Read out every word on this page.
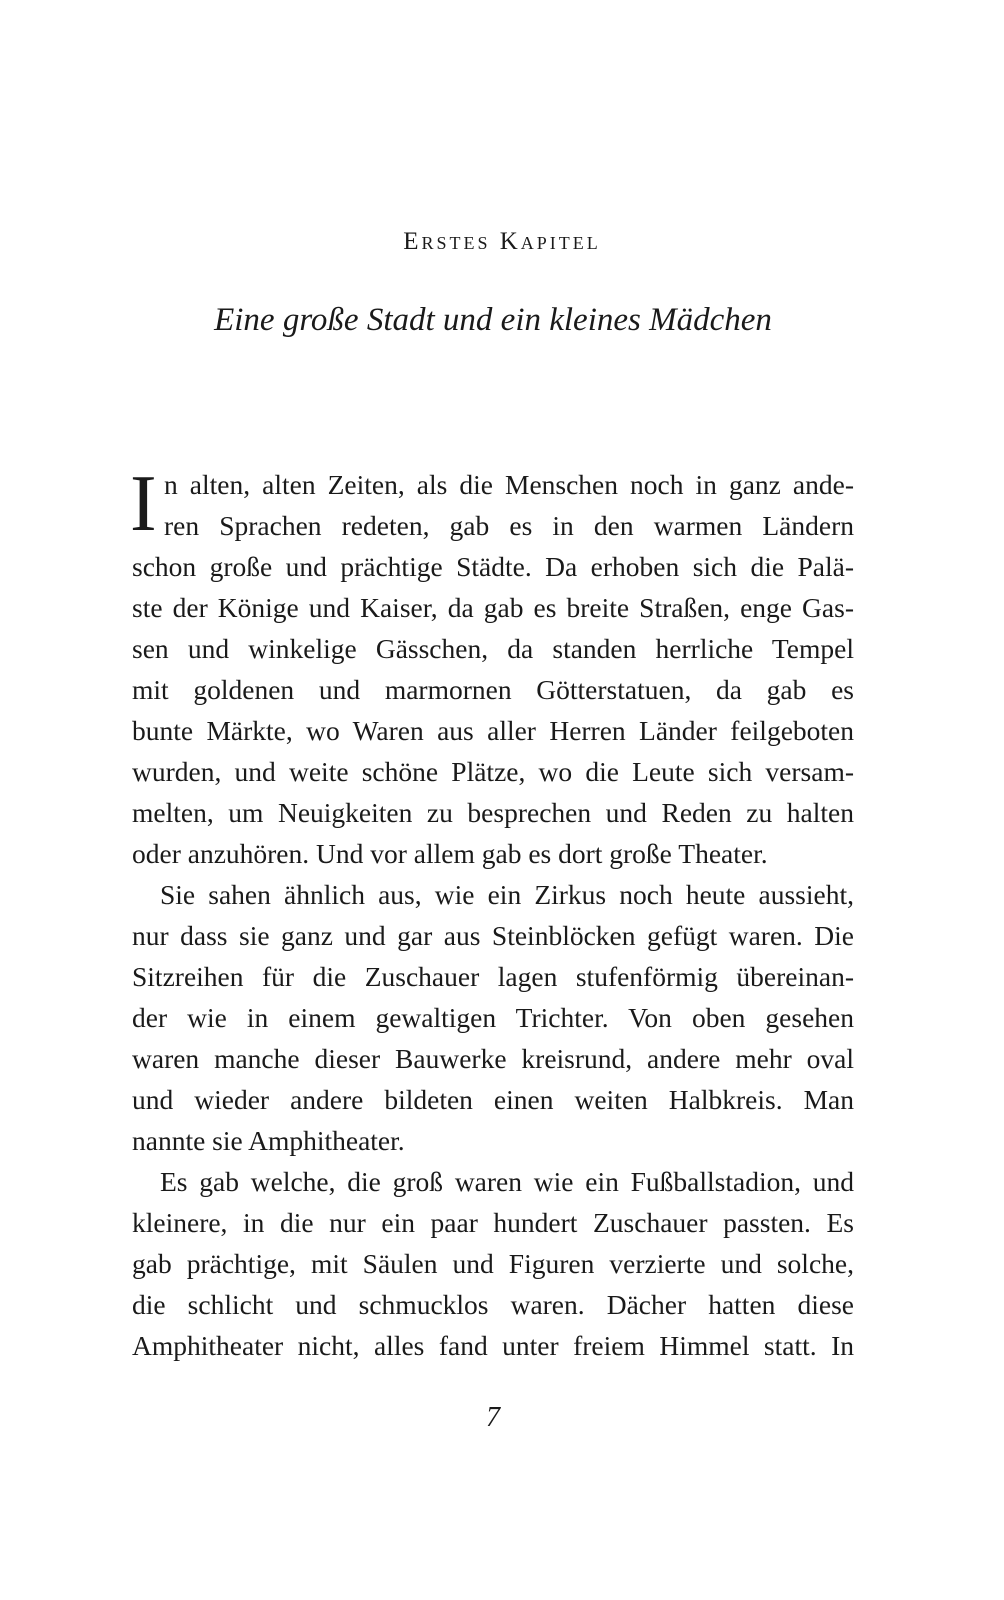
Erstes Kapitel
Eine große Stadt und ein kleines Mädchen
I n alten, alten Zeiten, als die Menschen noch in ganz ande-
ren Sprachen redeten, gab es in den warmen Ländern
schon große und prächtige Städte. Da erhoben sich die Palä-
ste der Könige und Kaiser, da gab es breite Straßen, enge Gas-
sen und winkelige Gässchen, da standen herrliche Tempel
mit goldenen und marmornen Götterstatuen, da gab es
bunte Märkte, wo Waren aus aller Herren Länder feilgeboten
wurden, und weite schöne Plätze, wo die Leute sich versam-
melten, um Neuigkeiten zu besprechen und Reden zu halten
oder anzuhören. Und vor allem gab es dort große Theater.
Sie sahen ähnlich aus, wie ein Zirkus noch heute aussieht,
nur dass sie ganz und gar aus Steinblöcken gefügt waren. Die
Sitzreihen für die Zuschauer lagen stufenförmig übereinan-
der wie in einem gewaltigen Trichter. Von oben gesehen
waren manche dieser Bauwerke kreisrund, andere mehr oval
und wieder andere bildeten einen weiten Halbkreis. Man
nannte sie Amphitheater.
Es gab welche, die groß waren wie ein Fußballstadion, und
kleinere, in die nur ein paar hundert Zuschauer passten. Es
gab prächtige, mit Säulen und Figuren verzierte und solche,
die schlicht und schmucklos waren. Dächer hatten diese
Amphitheater nicht, alles fand unter freiem Himmel statt. In
7
